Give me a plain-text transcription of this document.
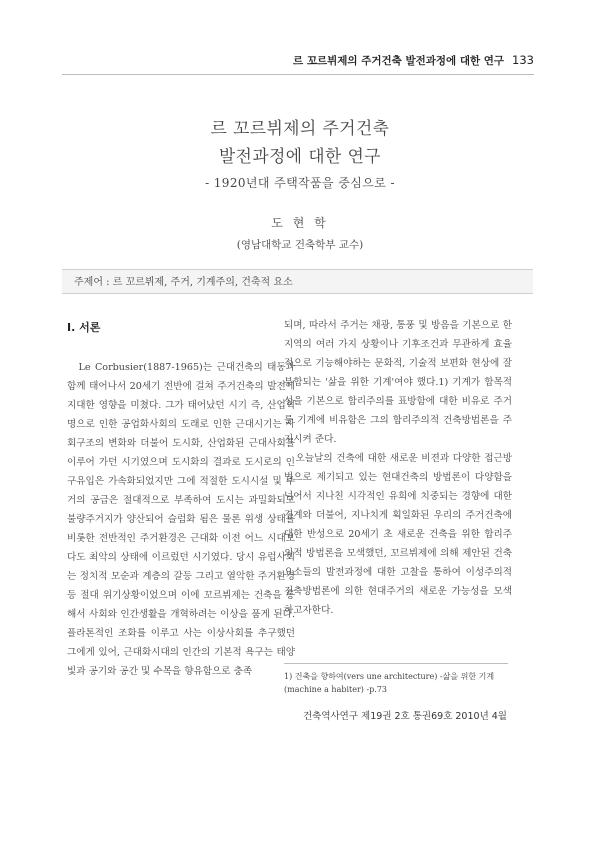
르 꼬르뷔제의 주거건축 발전과정에 대한 연구 133
르 꼬르뷔제의 주거건축
발전과정에 대한 연구
- 1920년대 주택작품을 중심으로 -
도 현 학
(영남대학교 건축학부 교수)
주제어 : 르 꼬르뷔제, 주거, 기계주의, 건축적 요소
Ⅰ. 서론

Le Corbusier(1887-1965)는 근대건축의 태동과 함께 태어나서 20세기 전반에 걸쳐 주거건축의 발전에 지대한 영향을 미쳤다. 그가 태어났던 시기 즉, 산업혁명으로 인한 공업화사회의 도래로 인한 근대시기는 사회구조의 변화와 더불어 도시화, 산업화된 근대사회를 이루어 가던 시기였으며 도시화의 결과로 도시로의 인구유입은 가속화되었지만 그에 적절한 도시시설 및 주거의 공급은 절대적으로 부족하여 도시는 과밀화되고 불량주거지가 양산되어 슬럼화 됨은 물론 위생 상태를 비롯한 전반적인 주거환경은 근대화 이전 어느 시대보다도 최악의 상태에 이르렀던 시기였다. 당시 유럽사회는 정치적 모순과 계층의 갈등 그리고 열악한 주거환경 등 절대 위기상황이었으며 이에 꼬르뷔제는 건축을 통해서 사회와 인간생활을 개혁하려는 이상을 품게 된다. 플라톤적인 조화를 이루고 사는 이상사회를 추구했던 그에게 있어, 근대화시대의 인간의 기본적 욕구는 태양빛과 공기와 공간 및 수목을 향유함으로 충족

되며, 따라서 주거는 채광, 통풍 및 방음을 기본으로 한 지역의 여러 가지 상황이나 기후조건과 무관하게 효율적으로 기능해야하는 문화적, 기술적 보편화 현상에 잘 부합되는 '삶을 위한 기계'여야 했다.1) 기계가 합목적성을 기본으로 합리주의를 표방함에 대한 비유로 주거를 기계에 비유함은 그의 합리주의적 건축방법론을 주지시켜 준다.

오늘날의 건축에 대한 새로운 비젼과 다양한 접근방법으로 제기되고 있는 현대건축의 방법론이 다양함을 넘어서 지나친 시각적인 유희에 치중되는 경향에 대한 경계와 더불어, 지나치게 획일화된 우리의 주거건축에 대한 반성으로 20세기 초 새로운 건축을 위한 합리주의적 방법론을 모색했던, 꼬르뷔제에 의해 제안된 건축요소들의 발전과정에 대한 고찰을 통하여 이성주의적 건축방법론에 의한 현대주거의 새로운 가능성을 모색하고자한다.

1) 건축을 향하여(vers une architecture) -삶을 위한 기계(machine a habiter) -p.73
건축역사연구 제19권 2호 통권69호 2010년 4월
